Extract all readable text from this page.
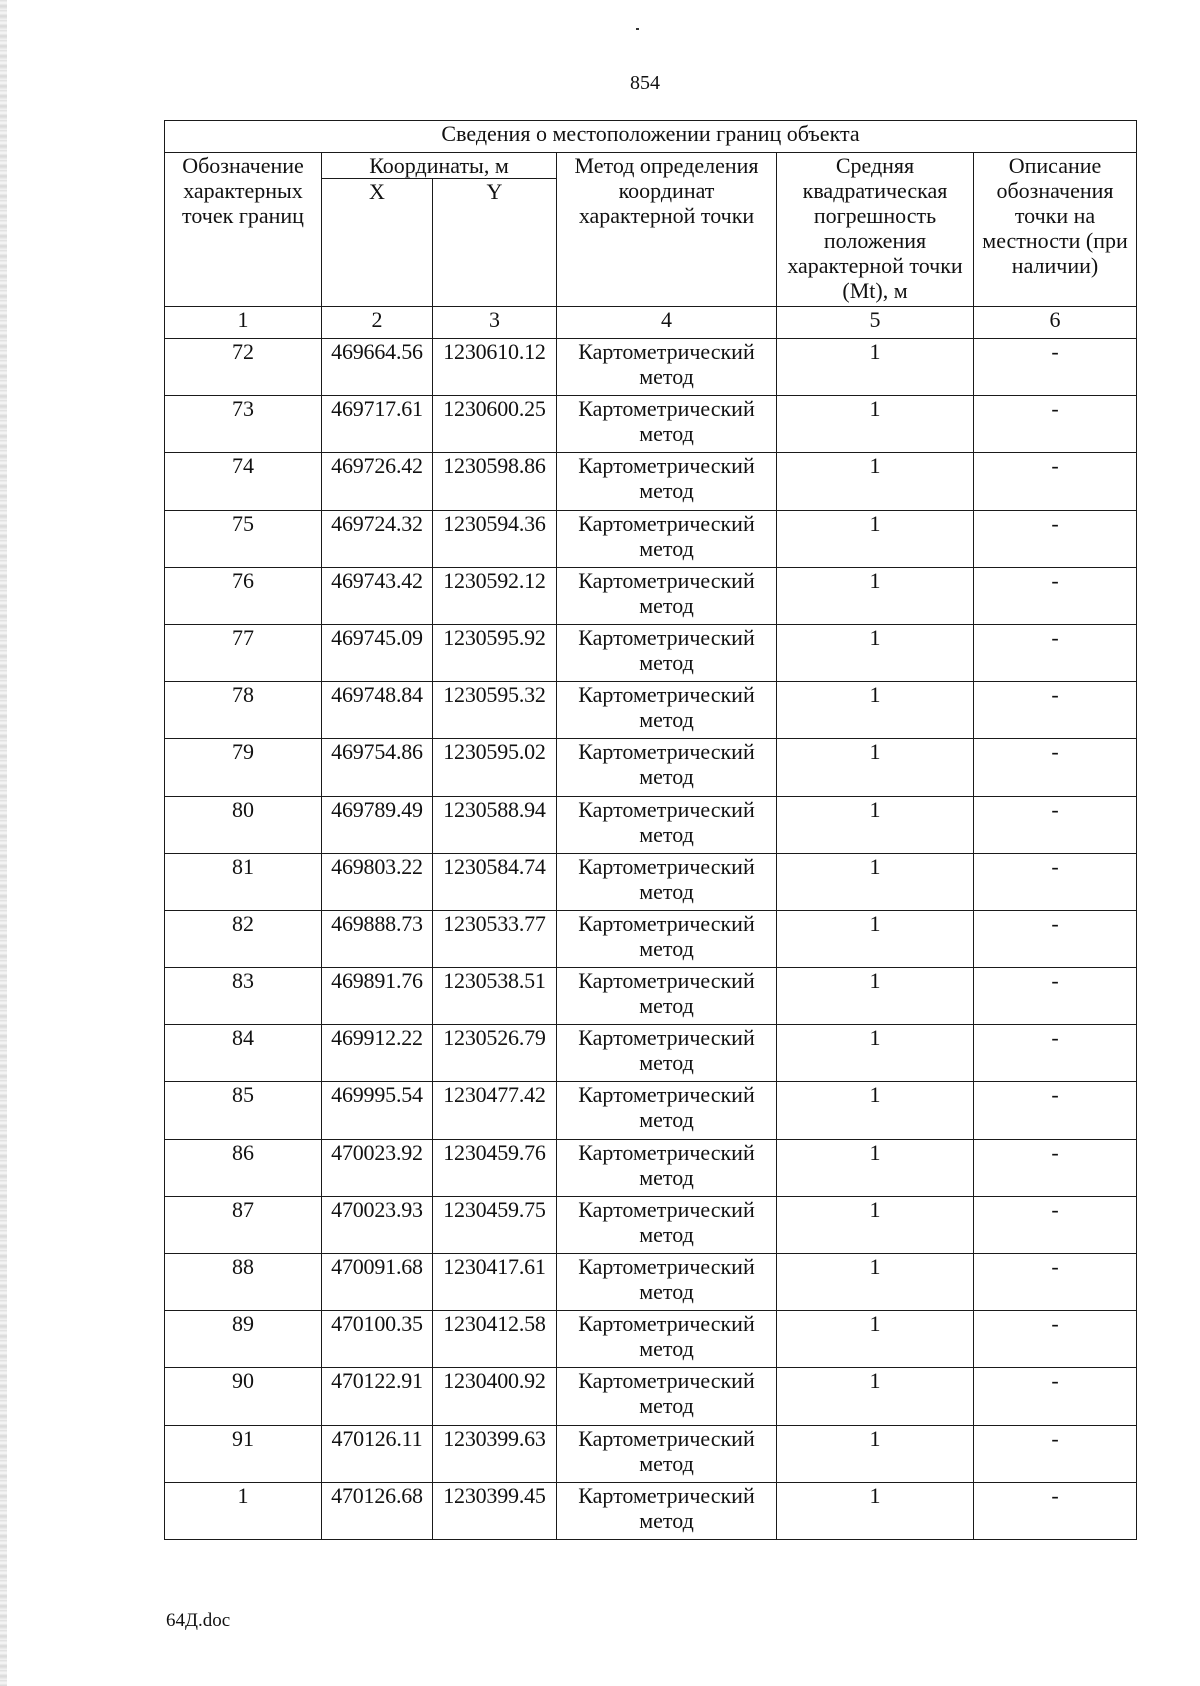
854
Сведения о местоположении границ объекта					
Обозначение характерных точек границ	Координаты, м		Метод определения координат характерной точки	Средняя квадратическая погрешность положения характерной точки (Mt), м	Описание обозначения точки на местности (при наличии)
	X	Y			
1	2	3	4	5	6
72	469664.56	1230610.12	Картометрический метод	1	-
73	469717.61	1230600.25	Картометрический метод	1	-
74	469726.42	1230598.86	Картометрический метод	1	-
75	469724.32	1230594.36	Картометрический метод	1	-
76	469743.42	1230592.12	Картометрический метод	1	-
77	469745.09	1230595.92	Картометрический метод	1	-
78	469748.84	1230595.32	Картометрический метод	1	-
79	469754.86	1230595.02	Картометрический метод	1	-
80	469789.49	1230588.94	Картометрический метод	1	-
81	469803.22	1230584.74	Картометрический метод	1	-
82	469888.73	1230533.77	Картометрический метод	1	-
83	469891.76	1230538.51	Картометрический метод	1	-
84	469912.22	1230526.79	Картометрический метод	1	-
85	469995.54	1230477.42	Картометрический метод	1	-
86	470023.92	1230459.76	Картометрический метод	1	-
87	470023.93	1230459.75	Картометрический метод	1	-
88	470091.68	1230417.61	Картометрический метод	1	-
89	470100.35	1230412.58	Картометрический метод	1	-
90	470122.91	1230400.92	Картометрический метод	1	-
91	470126.11	1230399.63	Картометрический метод	1	-
1	470126.68	1230399.45	Картометрический метод	1	-
64Д.doc
